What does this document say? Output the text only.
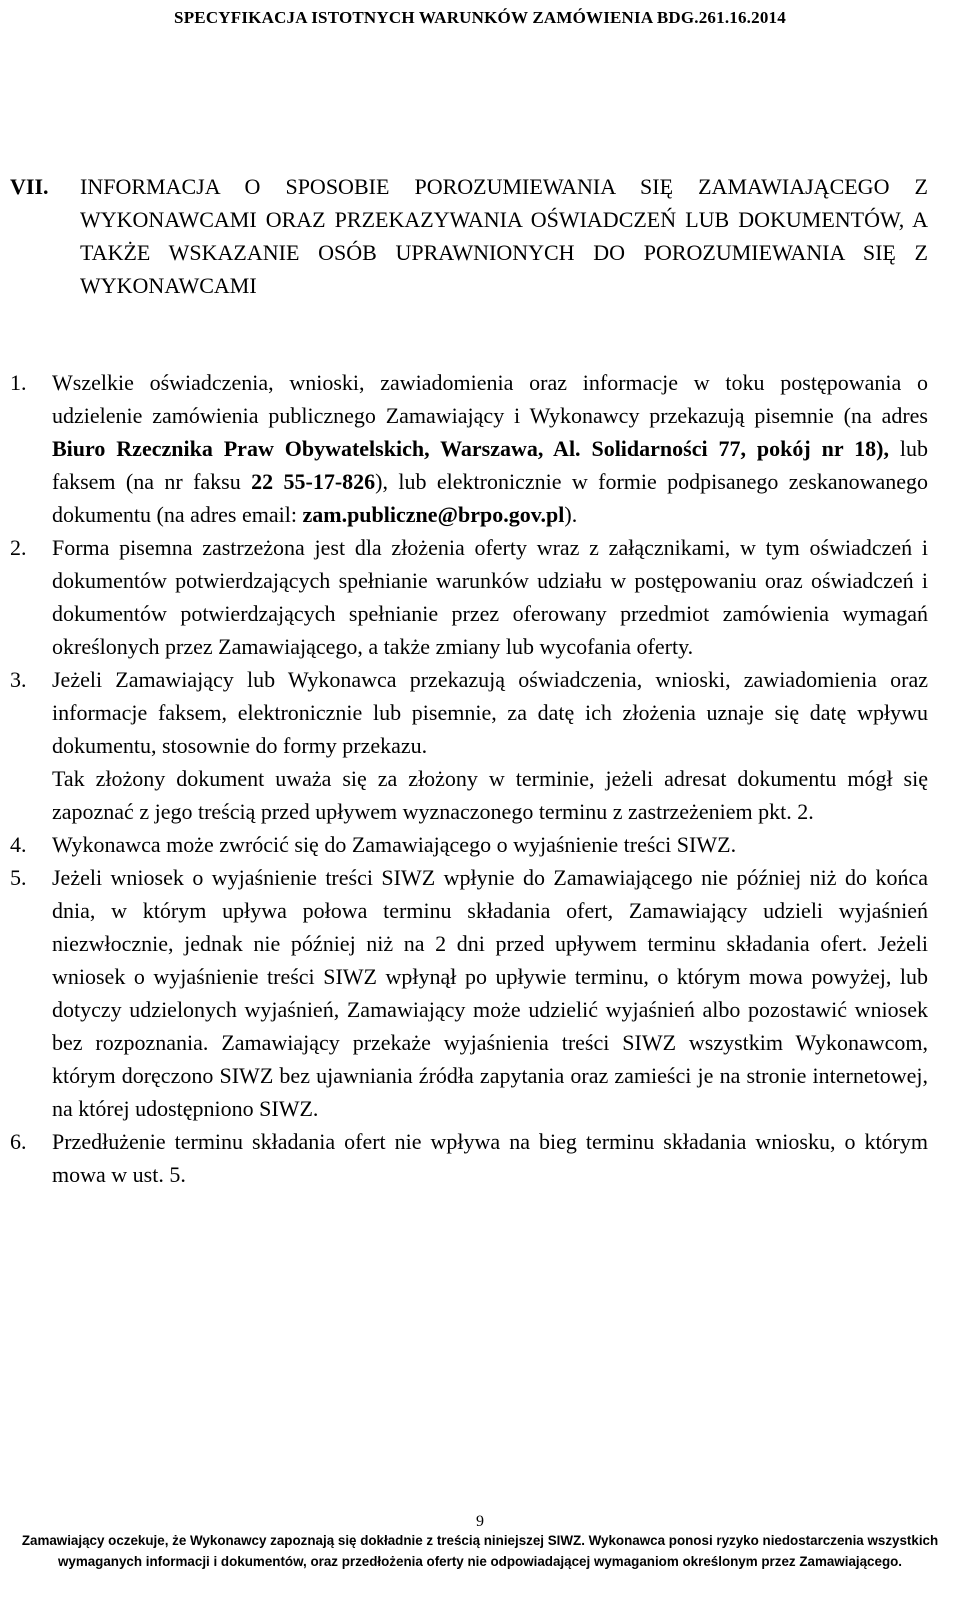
SPECYFIKACJA ISTOTNYCH WARUNKÓW ZAMÓWIENIA BDG.261.16.2014
VII.	INFORMACJA O SPOSOBIE POROZUMIEWANIA SIĘ ZAMAWIAJĄCEGO Z WYKONAWCAMI ORAZ PRZEKAZYWANIA OŚWIADCZEŃ LUB DOKUMENTÓW, A TAKŻE WSKAZANIE OSÓB UPRAWNIONYCH DO POROZUMIEWANIA SIĘ Z WYKONAWCAMI
1.	Wszelkie oświadczenia, wnioski, zawiadomienia oraz informacje w toku postępowania o udzielenie zamówienia publicznego Zamawiający i Wykonawcy przekazują pisemnie (na adres Biuro Rzecznika Praw Obywatelskich, Warszawa, Al. Solidarności 77, pokój nr 18), lub faksem (na nr faksu 22 55-17-826), lub elektronicznie w formie podpisanego zeskanowanego dokumentu (na adres email: zam.publiczne@brpo.gov.pl).
2.	Forma pisemna zastrzeżona jest dla złożenia oferty wraz z załącznikami, w tym oświadczeń i dokumentów potwierdzających spełnianie warunków udziału w postępowaniu oraz oświadczeń i dokumentów potwierdzających spełnianie przez oferowany przedmiot zamówienia wymagań określonych przez Zamawiającego, a także zmiany lub wycofania oferty.
3.	Jeżeli Zamawiający lub Wykonawca przekazują oświadczenia, wnioski, zawiadomienia oraz informacje faksem, elektronicznie lub pisemnie, za datę ich złożenia uznaje się datę wpływu dokumentu, stosownie do formy przekazu.

Tak złożony dokument uważa się za złożony w terminie, jeżeli adresat dokumentu mógł się zapoznać z jego treścią przed upływem wyznaczonego terminu z zastrzeżeniem pkt. 2.

4.	Wykonawca może zwrócić się do Zamawiającego o wyjaśnienie treści SIWZ.
5.	Jeżeli wniosek o wyjaśnienie treści SIWZ wpłynie do Zamawiającego nie później niż do końca dnia, w którym upływa połowa terminu składania ofert, Zamawiający udzieli wyjaśnień niezwłocznie, jednak nie później niż na 2 dni przed upływem terminu składania ofert. Jeżeli wniosek o wyjaśnienie treści SIWZ wpłynął po upływie terminu, o którym mowa powyżej, lub dotyczy udzielonych wyjaśnień, Zamawiający może udzielić wyjaśnień albo pozostawić wniosek bez rozpoznania. Zamawiający przekaże wyjaśnienia treści SIWZ wszystkim Wykonawcom, którym doręczono SIWZ bez ujawniania źródła zapytania oraz zamieści je na stronie internetowej, na której udostępniono SIWZ.
6.	Przedłużenie terminu składania ofert nie wpływa na bieg terminu składania wniosku, o którym mowa w ust. 5.
9
Zamawiający oczekuje, że Wykonawcy zapoznają się dokładnie z treścią niniejszej SIWZ. Wykonawca ponosi ryzyko niedostarczenia wszystkich
wymaganych informacji i dokumentów, oraz przedłożenia oferty nie odpowiadającej wymaganiom określonym przez Zamawiającego.
